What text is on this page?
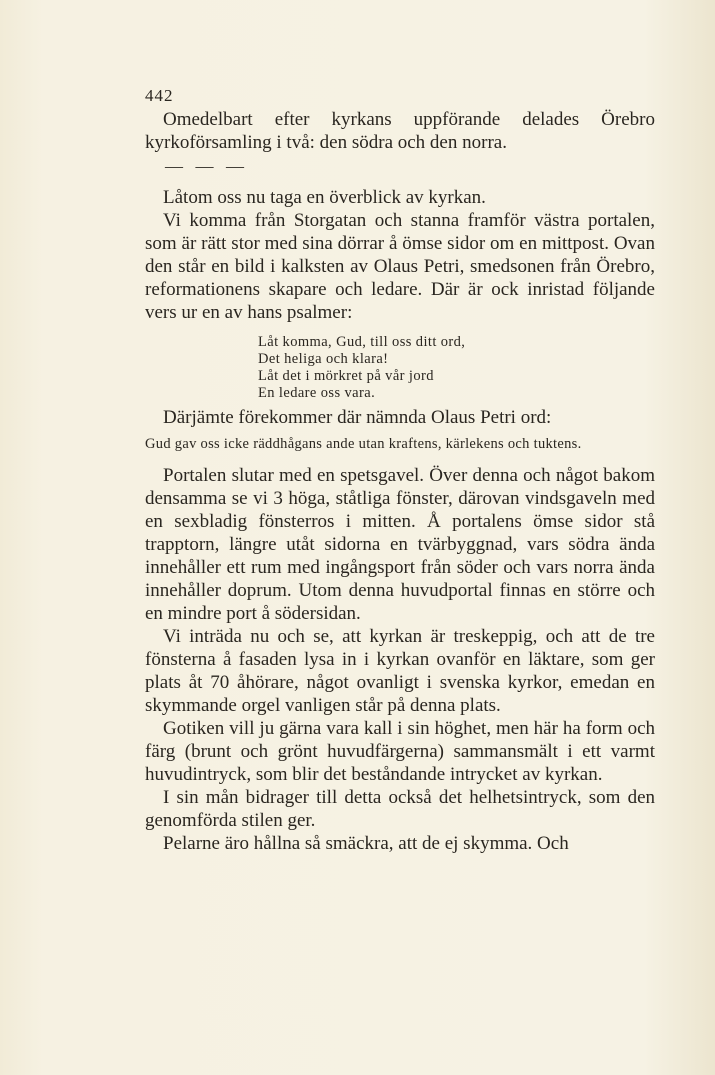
442

Omedelbart efter kyrkans uppförande delades Örebro kyrkoförsamling i två: den södra och den norra.

— — —

Låtom oss nu taga en överblick av kyrkan.

Vi komma från Storgatan och stanna framför västra portalen, som är rätt stor med sina dörrar å ömse sidor om en mittpost. Ovan den står en bild i kalksten av Olaus Petri, smedsonen från Örebro, reformationens skapare och ledare. Där är ock inristad följande vers ur en av hans psalmer:

Låt komma, Gud, till oss ditt ord,
Det heliga och klara!
Låt det i mörkret på vår jord
En ledare oss vara.

Därjämte förekommer där nämnda Olaus Petri ord:

Gud gav oss icke räddhågans ande utan kraftens, kärlekens och tuktens.

Portalen slutar med en spetsgavel. Över denna och något bakom densamma se vi 3 höga, ståtliga fönster, därovan vindsgaveln med en sexbladig fönsterros i mitten. Å portalens ömse sidor stå trapptorn, längre utåt sidorna en tvärbyggnad, vars södra ända innehåller ett rum med ingångsport från söder och vars norra ända innehåller doprum. Utom denna huvudportal finnas en större och en mindre port å södersidan.

Vi inträda nu och se, att kyrkan är treskeppig, och att de tre fönsterna å fasaden lysa in i kyrkan ovanför en läktare, som ger plats åt 70 åhörare, något ovanligt i svenska kyrkor, emedan en skymmande orgel vanligen står på denna plats.

Gotiken vill ju gärna vara kall i sin höghet, men här ha form och färg (brunt och grönt huvudfärgerna) sammansmält i ett varmt huvudintryck, som blir det beståndande intrycket av kyrkan.

I sin mån bidrager till detta också det helhetsintryck, som den genomförda stilen ger.

Pelarne äro hållna så smäckra, att de ej skymma. Och
